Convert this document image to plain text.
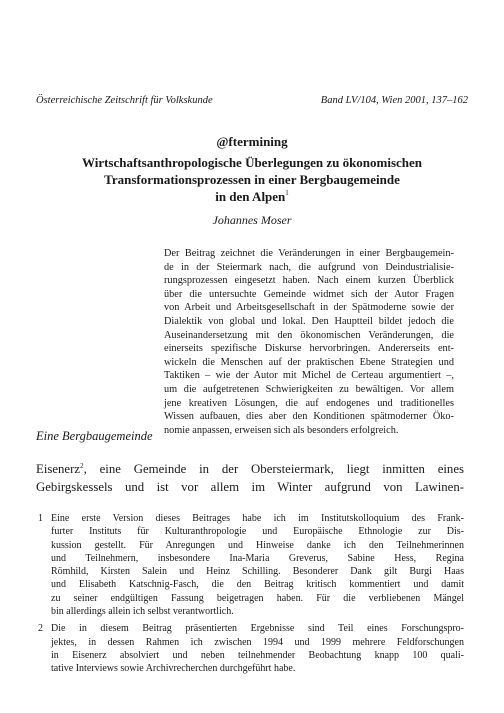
Österreichische Zeitschrift für Volkskunde	Band LV/104, Wien 2001, 137–162
@ftermining
Wirtschaftsanthropologische Überlegungen zu ökonomischen
Transformationsprozessen in einer Bergbaugemeinde
in den Alpen$^1$
Johannes Moser
Der Beitrag zeichnet die Veränderungen in einer Bergbaugemein-
de in der Steiermark nach, die aufgrund von Deindustrialisie-
rungsprozessen eingesetzt haben. Nach einem kurzen Überblick
über die untersuchte Gemeinde widmet sich der Autor Fragen
von Arbeit und Arbeitsgesellschaft in der Spätmoderne sowie der
Dialektik von global und lokal. Den Hauptteil bildet jedoch die
Auseinandersetzung mit den ökonomischen Veränderungen, die
einerseits spezifische Diskurse hervorbringen. Andererseits ent-
wickeln die Menschen auf der praktischen Ebene Strategien und
Taktiken – wie der Autor mit Michel de Certeau argumentiert –,
um die aufgetretenen Schwierigkeiten zu bewältigen. Vor allem
jene kreativen Lösungen, die auf endogenes und traditionelles
Wissen aufbauen, dies aber den Konditionen spätmoderner Öko-
nomie anpassen, erweisen sich als besonders erfolgreich.
Eine Bergbaugemeinde
Eisenerz$^2$, eine Gemeinde in der Obersteiermark, liegt inmitten eines
Gebirgskessels und ist vor allem im Winter aufgrund von Lawinen-
1 Eine erste Version dieses Beitrages habe ich im Institutskolloquium des Frank-
furter Instituts für Kulturanthropologie und Europäische Ethnologie zur Dis-
kussion gestellt. Für Anregungen und Hinweise danke ich den Teilnehmerinnen
und Teilnehmern, insbesondere Ina-Maria Greverus, Sabine Hess, Regina
Römhild, Kirsten Salein und Heinz Schilling. Besonderer Dank gilt Burgi Haas
und Elisabeth Katschnig-Fasch, die den Beitrag kritisch kommentiert und damit
zu seiner endgültigen Fassung beigetragen haben. Für die verbliebenen Mängel
bin allerdings allein ich selbst verantwortlich.
2 Die in diesem Beitrag präsentierten Ergebnisse sind Teil eines Forschungspro-
jektes, in dessen Rahmen ich zwischen 1994 und 1999 mehrere Feldforschungen
in Eisenerz absolviert und neben teilnehmender Beobachtung knapp 100 quali-
tative Interviews sowie Archivrecherchen durchgeführt habe.
